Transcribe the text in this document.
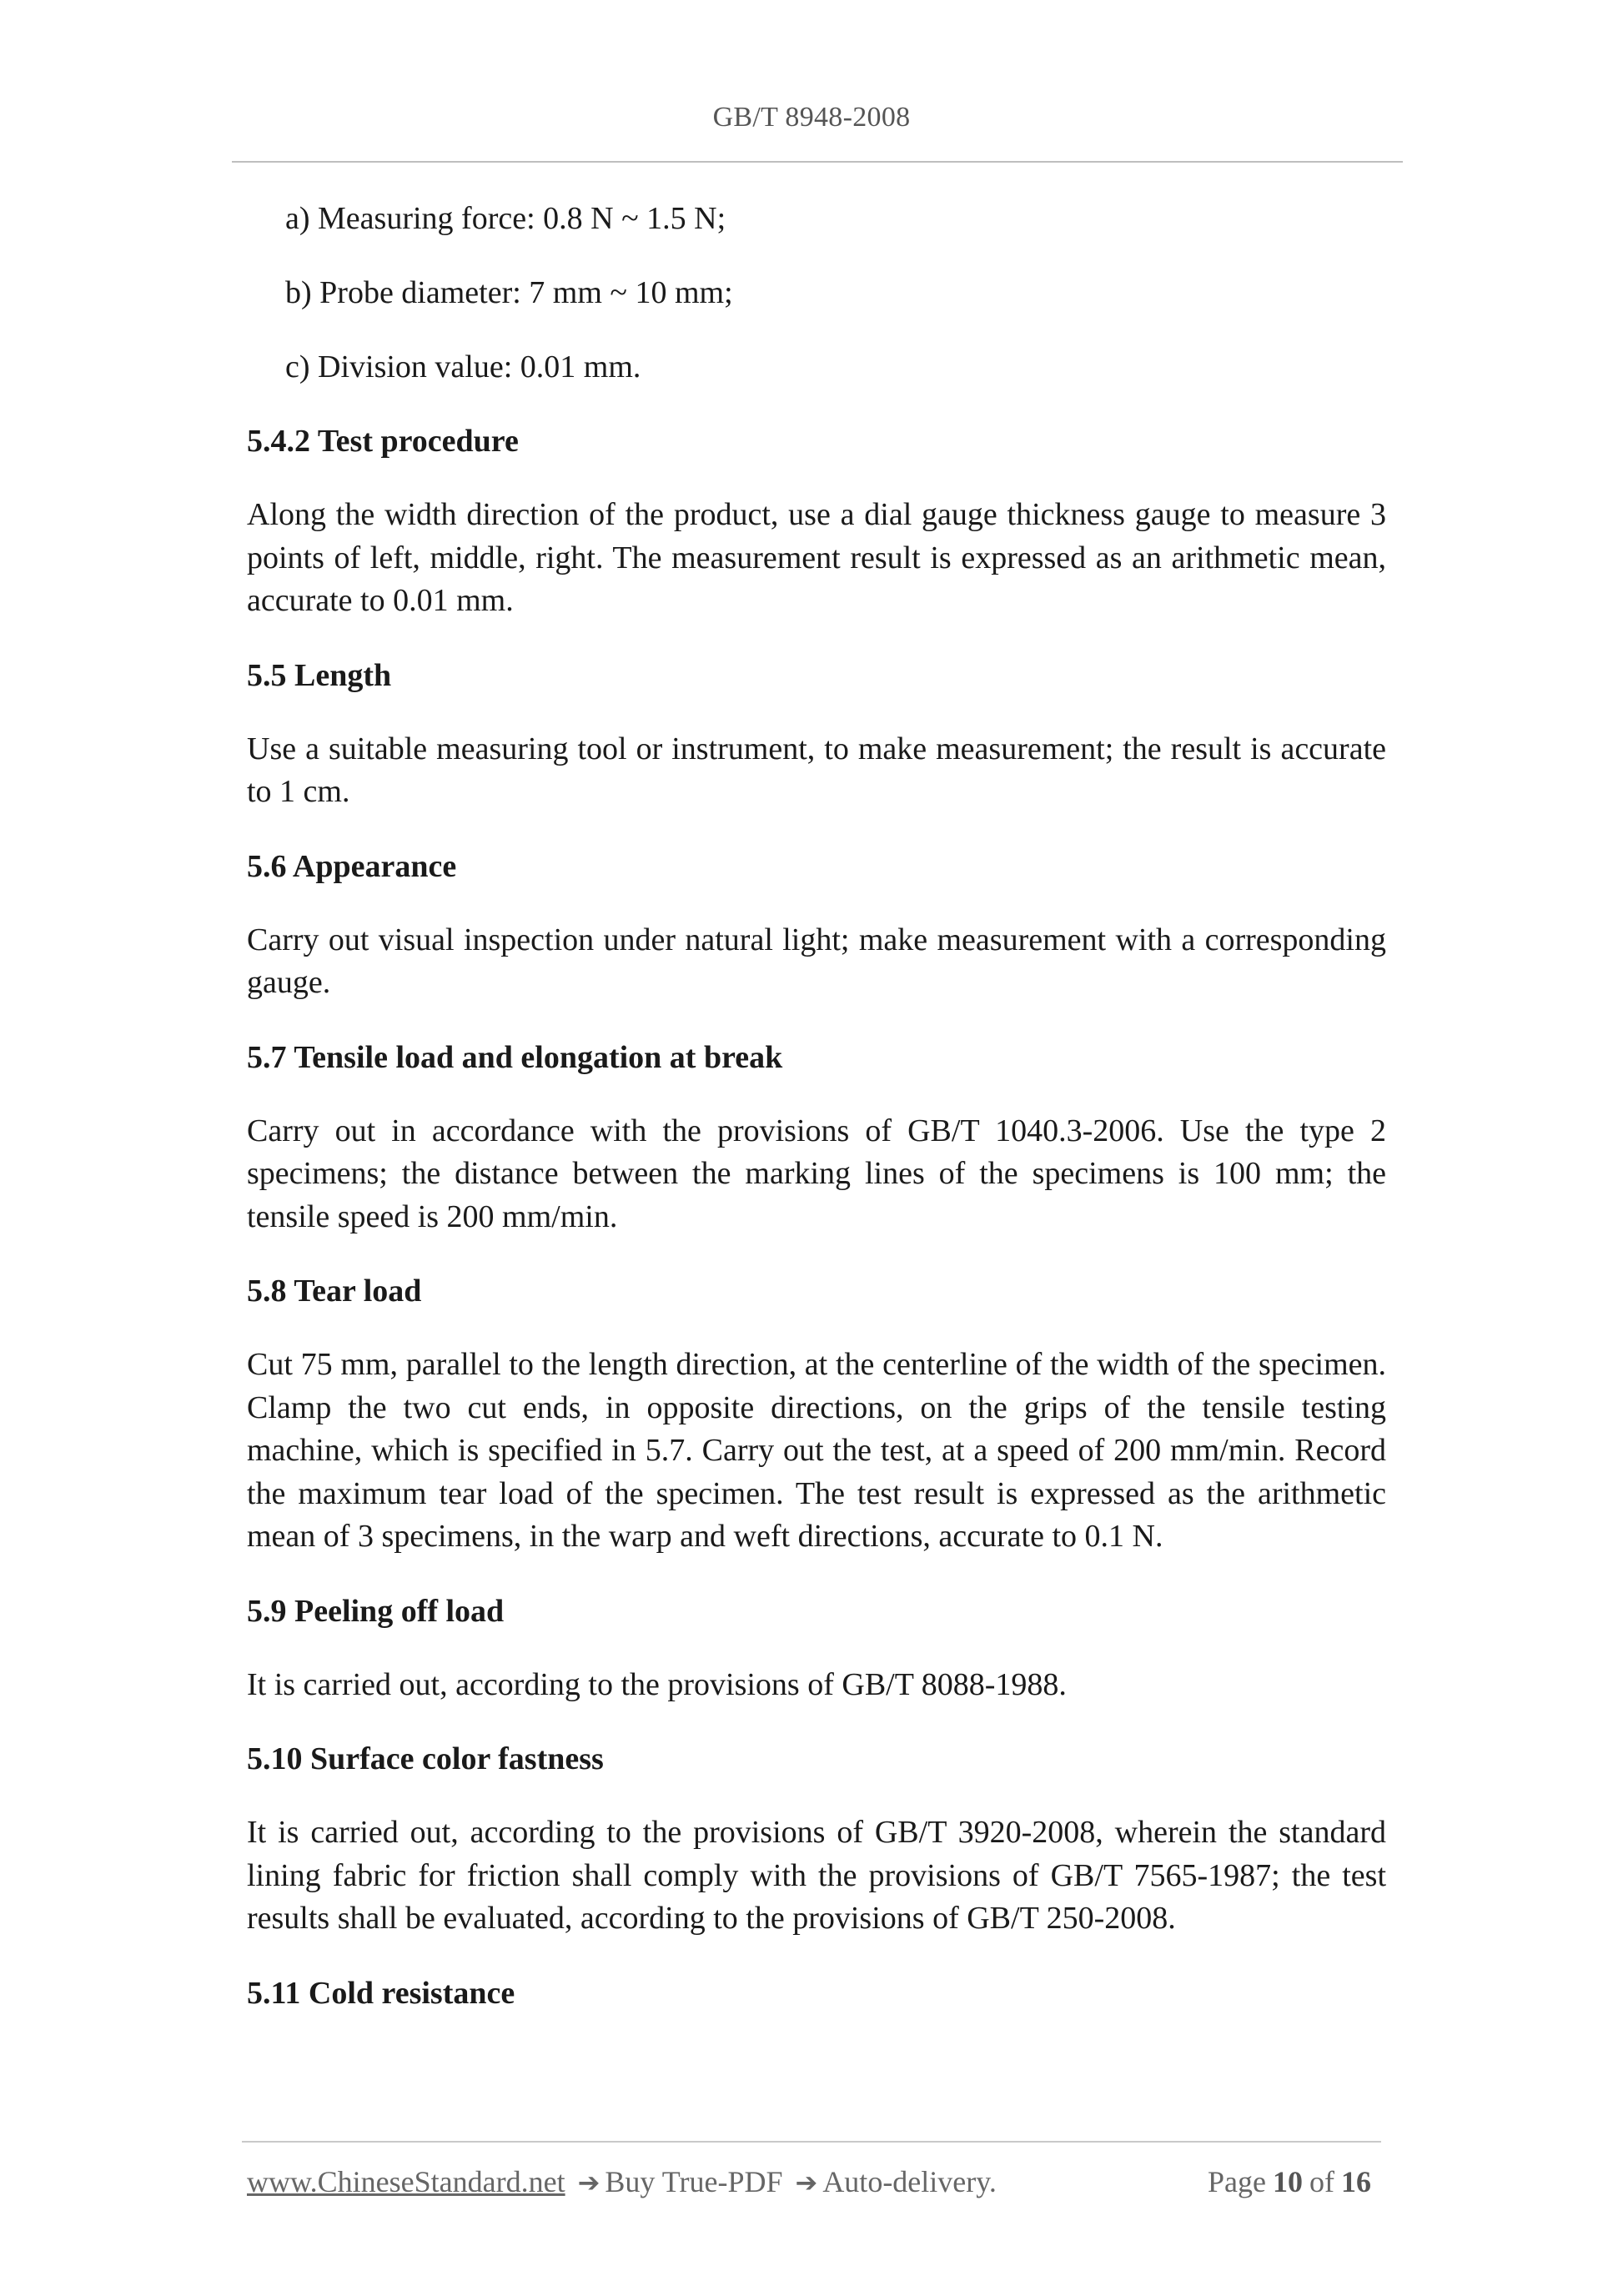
GB/T 8948-2008
a) Measuring force: 0.8 N ~ 1.5 N;
b) Probe diameter: 7 mm ~ 10 mm;
c) Division value: 0.01 mm.
5.4.2 Test procedure
Along the width direction of the product, use a dial gauge thickness gauge to measure 3 points of left, middle, right. The measurement result is expressed as an arithmetic mean, accurate to 0.01 mm.
5.5 Length
Use a suitable measuring tool or instrument, to make measurement; the result is accurate to 1 cm.
5.6 Appearance
Carry out visual inspection under natural light; make measurement with a corresponding gauge.
5.7 Tensile load and elongation at break
Carry out in accordance with the provisions of GB/T 1040.3-2006. Use the type 2 specimens; the distance between the marking lines of the specimens is 100 mm; the tensile speed is 200 mm/min.
5.8 Tear load
Cut 75 mm, parallel to the length direction, at the centerline of the width of the specimen. Clamp the two cut ends, in opposite directions, on the grips of the tensile testing machine, which is specified in 5.7. Carry out the test, at a speed of 200 mm/min. Record the maximum tear load of the specimen. The test result is expressed as the arithmetic mean of 3 specimens, in the warp and weft directions, accurate to 0.1 N.
5.9 Peeling off load
It is carried out, according to the provisions of GB/T 8088-1988.
5.10 Surface color fastness
It is carried out, according to the provisions of GB/T 3920-2008, wherein the standard lining fabric for friction shall comply with the provisions of GB/T 7565-1987; the test results shall be evaluated, according to the provisions of GB/T 250-2008.
5.11 Cold resistance
www.ChineseStandard.net ➔ Buy True-PDF ➔ Auto-delivery.	Page 10 of 16
